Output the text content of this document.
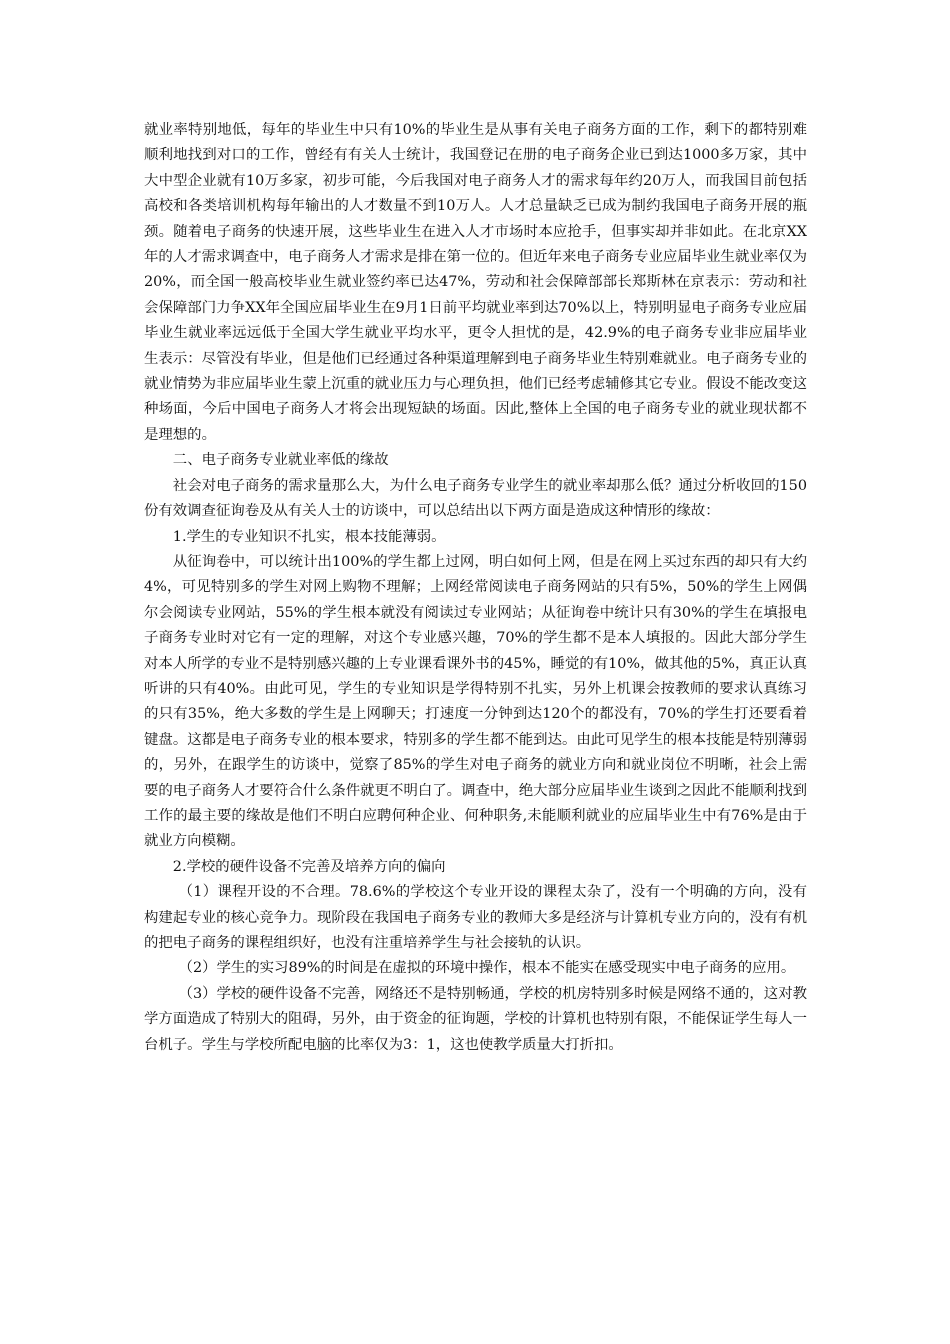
就业率特别地低，每年的毕业生中只有10%的毕业生是从事有关电子商务方面的工作，剩下的都特别难顺利地找到对口的工作，曾经有有关人士统计，我国登记在册的电子商务企业已到达1000多万家，其中大中型企业就有10万多家，初步可能，今后我国对电子商务人才的需求每年约20万人，而我国目前包括高校和各类培训机构每年输出的人才数量不到10万人。人才总量缺乏已成为制约我国电子商务开展的瓶颈。随着电子商务的快速开展，这些毕业生在进入人才市场时本应抢手，但事实却并非如此。在北京XX年的人才需求调查中，电子商务人才需求是排在第一位的。但近年来电子商务专业应届毕业生就业率仅为20%，而全国一般高校毕业生就业签约率已达47%，劳动和社会保障部部长郑斯林在京表示：劳动和社会保障部门力争XX年全国应届毕业生在9月1日前平均就业率到达70%以上，特别明显电子商务专业应届毕业生就业率远远低于全国大学生就业平均水平，更令人担忧的是，42.9%的电子商务专业非应届毕业生表示：尽管没有毕业，但是他们已经通过各种渠道理解到电子商务毕业生特别难就业。电子商务专业的就业情势为非应届毕业生蒙上沉重的就业压力与心理负担，他们已经考虑辅修其它专业。假设不能改变这种场面，今后中国电子商务人才将会出现短缺的场面。因此,整体上全国的电子商务专业的就业现状都不是理想的。

二、电子商务专业就业率低的缘故

社会对电子商务的需求量那么大，为什么电子商务专业学生的就业率却那么低？通过分析收回的150份有效调查征询卷及从有关人士的访谈中，可以总结出以下两方面是造成这种情形的缘故：

1.学生的专业知识不扎实，根本技能薄弱。

从征询卷中，可以统计出100%的学生都上过网，明白如何上网，但是在网上买过东西的却只有大约4%，可见特别多的学生对网上购物不理解；上网经常阅读电子商务网站的只有5%，50%的学生上网偶尔会阅读专业网站，55%的学生根本就没有阅读过专业网站；从征询卷中统计只有30%的学生在填报电子商务专业时对它有一定的理解，对这个专业感兴趣，70%的学生都不是本人填报的。因此大部分学生对本人所学的专业不是特别感兴趣的上专业课看课外书的45%，睡觉的有10%，做其他的5%，真正认真听讲的只有40%。由此可见，学生的专业知识是学得特别不扎实，另外上机课会按教师的要求认真练习的只有35%，绝大多数的学生是上网聊天；打速度一分钟到达120个的都没有，70%的学生打还要看着键盘。这都是电子商务专业的根本要求，特别多的学生都不能到达。由此可见学生的根本技能是特别薄弱的，另外，在跟学生的访谈中，觉察了85%的学生对电子商务的就业方向和就业岗位不明晰，社会上需要的电子商务人才要符合什么条件就更不明白了。调查中，绝大部分应届毕业生谈到之因此不能顺利找到工作的最主要的缘故是他们不明白应聘何种企业、何种职务,未能顺利就业的应届毕业生中有76%是由于就业方向模糊。

2.学校的硬件设备不完善及培养方向的偏向

（1）课程开设的不合理。78.6%的学校这个专业开设的课程太杂了，没有一个明确的方向，没有构建起专业的核心竞争力。现阶段在我国电子商务专业的教师大多是经济与计算机专业方向的，没有有机的把电子商务的课程组织好，也没有注重培养学生与社会接轨的认识。

（2）学生的实习89%的时间是在虚拟的环境中操作，根本不能实在感受现实中电子商务的应用。

（3）学校的硬件设备不完善，网络还不是特别畅通，学校的机房特别多时候是网络不通的，这对教学方面造成了特别大的阻碍，另外，由于资金的征询题，学校的计算机也特别有限，不能保证学生每人一台机子。学生与学校所配电脑的比率仅为3：1，这也使教学质量大打折扣。
